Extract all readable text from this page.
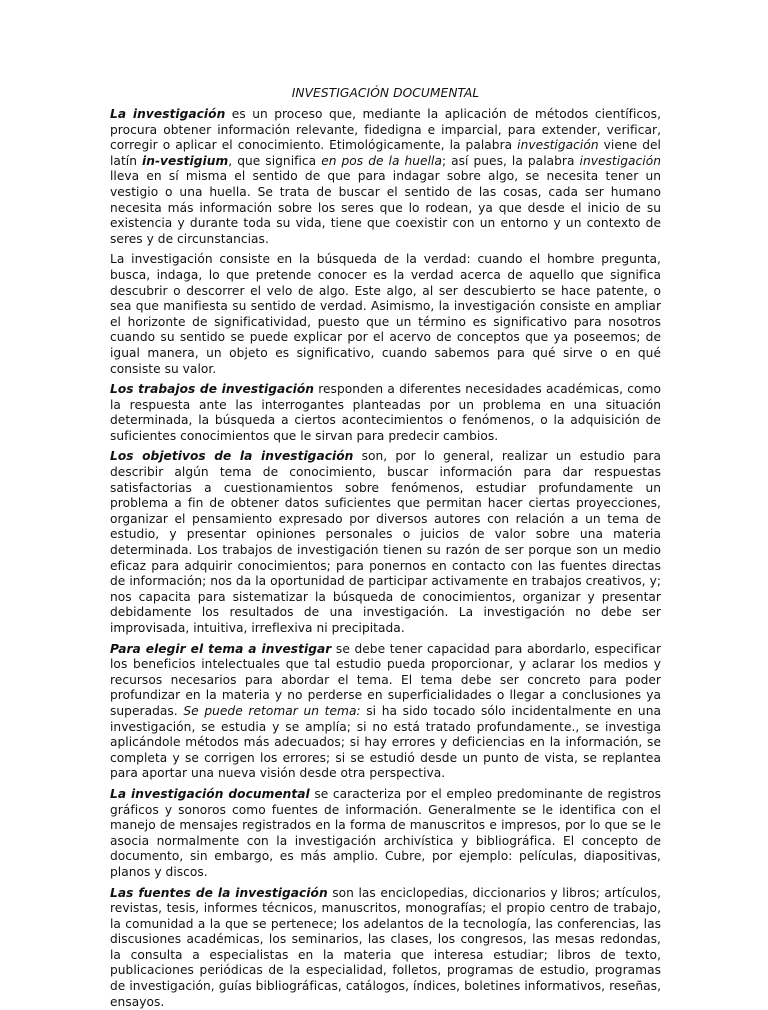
INVESTIGACIÓN DOCUMENTAL

La investigación es un proceso que, mediante la aplicación de métodos científicos, procura obtener información relevante, fidedigna e imparcial, para extender, verificar, corregir o aplicar el conocimiento. Etimológicamente, la palabra investigación viene del latín in-vestigium, que significa en pos de la huella; así pues, la palabra investigación lleva en sí misma el sentido de que para indagar sobre algo, se necesita tener un vestigio o una huella. Se trata de buscar el sentido de las cosas, cada ser humano necesita más información sobre los seres que lo rodean, ya que desde el inicio de su existencia y durante toda su vida, tiene que coexistir con un entorno y un contexto de seres y de circunstancias.

La investigación consiste en la búsqueda de la verdad: cuando el hombre pregunta, busca, indaga, lo que pretende conocer es la verdad acerca de aquello que significa descubrir o descorrer el velo de algo. Este algo, al ser descubierto se hace patente, o sea que manifiesta su sentido de verdad. Asimismo, la investigación consiste en ampliar el horizonte de significatividad, puesto que un término es significativo para nosotros cuando su sentido se puede explicar por el acervo de conceptos que ya poseemos; de igual manera, un objeto es significativo, cuando sabemos para qué sirve o en qué consiste su valor.

Los trabajos de investigación responden a diferentes necesidades académicas, como la respuesta ante las interrogantes planteadas por un problema en una situación determinada, la búsqueda a ciertos acontecimientos o fenómenos, o la adquisición de suficientes conocimientos que le sirvan para predecir cambios.

Los objetivos de la investigación son, por lo general, realizar un estudio para describir algún tema de conocimiento, buscar información para dar respuestas satisfactorias a cuestionamientos sobre fenómenos, estudiar profundamente un problema a fin de obtener datos suficientes que permitan hacer ciertas proyecciones, organizar el pensamiento expresado por diversos autores con relación a un tema de estudio, y presentar opiniones personales o juicios de valor sobre una materia determinada. Los trabajos de investigación tienen su razón de ser porque son un medio eficaz para adquirir conocimientos; para ponernos en contacto con las fuentes directas de información; nos da la oportunidad de participar activamente en trabajos creativos, y; nos capacita para sistematizar la búsqueda de conocimientos, organizar y presentar debidamente los resultados de una investigación. La investigación no debe ser improvisada, intuitiva, irreflexiva ni precipitada.

Para elegir el tema a investigar se debe tener capacidad para abordarlo, especificar los beneficios intelectuales que tal estudio pueda proporcionar, y aclarar los medios y recursos necesarios para abordar el tema. El tema debe ser concreto para poder profundizar en la materia y no perderse en superficialidades o llegar a conclusiones ya superadas. Se puede retomar un tema: si ha sido tocado sólo incidentalmente en una investigación, se estudia y se amplía; si no está tratado profundamente., se investiga aplicándole métodos más adecuados; si hay errores y deficiencias en la información, se completa y se corrigen los errores; si se estudió desde un punto de vista, se replantea para aportar una nueva visión desde otra perspectiva.

La investigación documental se caracteriza por el empleo predominante de registros gráficos y sonoros como fuentes de información. Generalmente se le identifica con el manejo de mensajes registrados en la forma de manuscritos e impresos, por lo que se le asocia normalmente con la investigación archivística y bibliográfica. El concepto de documento, sin embargo, es más amplio. Cubre, por ejemplo: películas, diapositivas, planos y discos.

Las fuentes de la investigación son las enciclopedias, diccionarios y libros; artículos, revistas, tesis, informes técnicos, manuscritos, monografías; el propio centro de trabajo, la comunidad a la que se pertenece; los adelantos de la tecnología, las conferencias, las discusiones académicas, los seminarios, las clases, los congresos, las mesas redondas, la consulta a especialistas en la materia que interesa estudiar; libros de texto, publicaciones periódicas de la especialidad, folletos, programas de estudio, programas de investigación, guías bibliográficas, catálogos, índices, boletines informativos, reseñas, ensayos.
